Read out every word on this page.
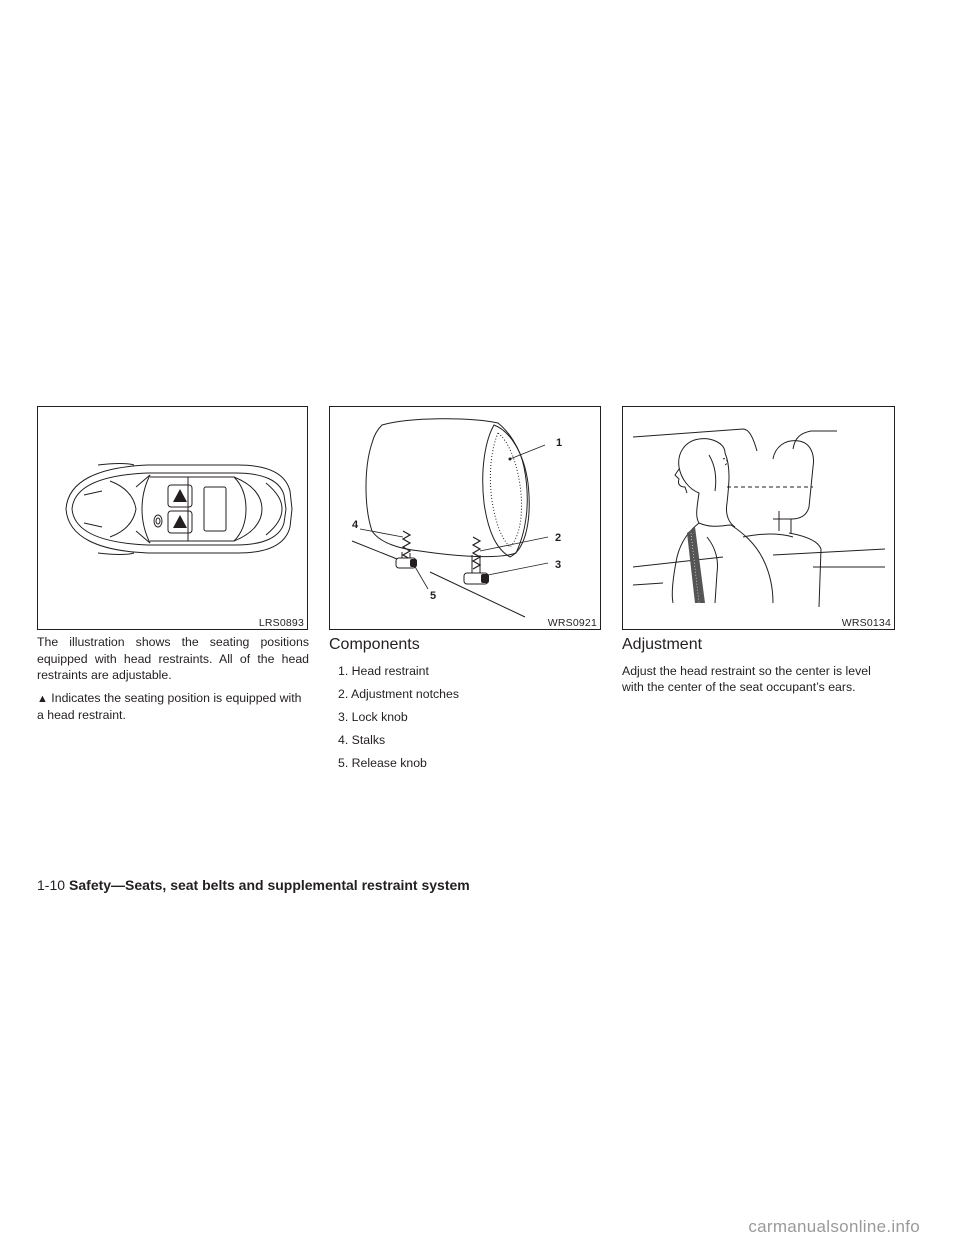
LRS0893
1
2
3
4
5
WRS0921	WRS0134

The illustration shows the seating positions equipped with head restraints. All of the head restraints are adjustable.

▲ Indicates the seating position is equipped with a head restraint.

Components
1. Head restraint
2. Adjustment notches
3. Lock knob
4. Stalks
5. Release knob
Adjustment

Adjust the head restraint so the center is level with the center of the seat occupant’s ears.

1-10 Safety—Seats, seat belts and supplemental restraint system
carmanualsonline.info
